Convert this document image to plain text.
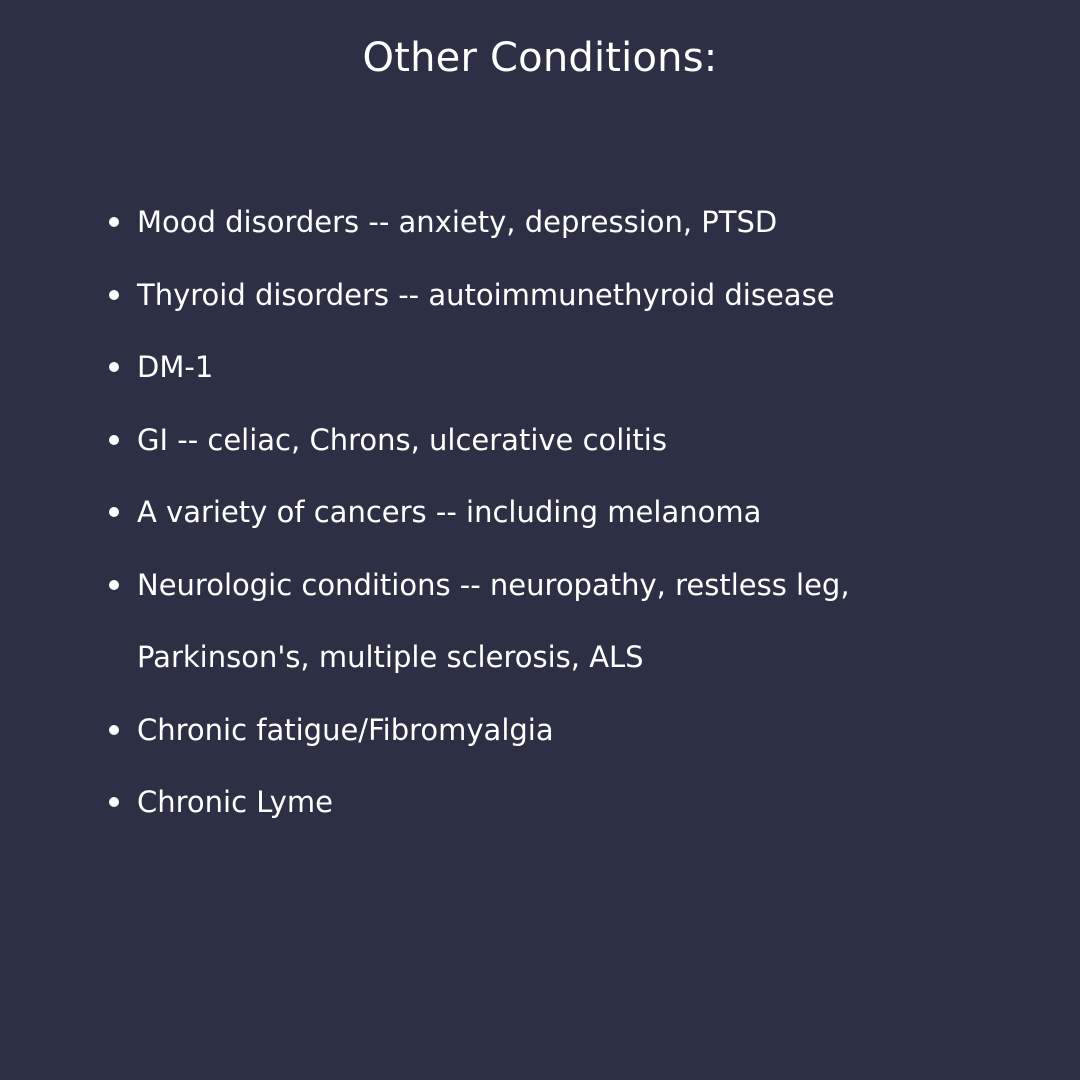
Other Conditions:
Mood disorders -- anxiety, depression, PTSD
Thyroid disorders -- autoimmunethyroid disease
DM-1
GI -- celiac, Chrons, ulcerative colitis
A variety of cancers -- including melanoma
Neurologic conditions -- neuropathy, restless leg, Parkinson's, multiple sclerosis, ALS
Chronic fatigue/Fibromyalgia
Chronic Lyme
